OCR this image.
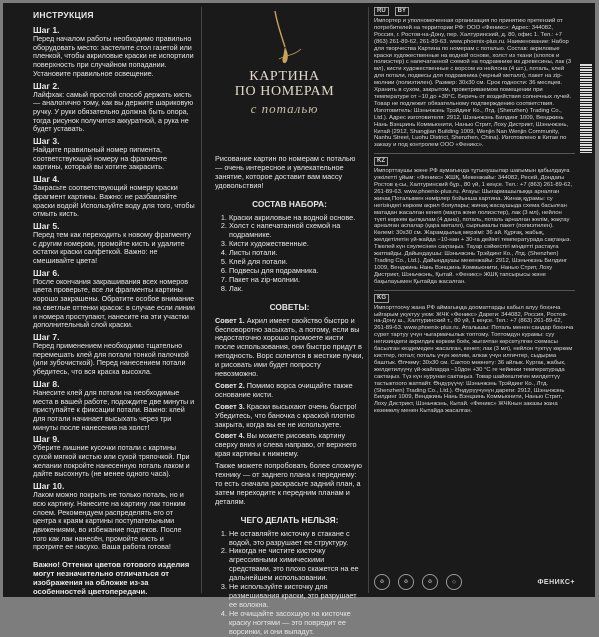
ИНСТРУКЦИЯ
Шаг 1.

Перед началом работы необходимо правильно оборудовать место: застелите стол газетой или пленкой, чтобы акриловые краски не испортили поверхность при случайном попадании. Установите правильное освещение.

Шаг 2.

Лайфхак: самый простой способ держать кисть — аналогично тому, как вы держите шариковую ручку. У руки обязательно должна быть опора, тогда рисунок получится аккуратной, а рука не будет уставать.

Шаг 3.

Найдите правильный номер пигмента, соответствующий номеру на фрагменте картины, который вы хотите закрасить.

Шаг 4.

Закрасьте соответствующий номеру краски фрагмент картины. Важно: не разбавляйте краски водой! Используйте воду для того, чтобы отмыть кисть.

Шаг 5.

Перед тем как переходить к новому фрагменту с другим номером, промойте кисть и удалите остатки краски салфеткой. Важно: не смешивайте цвета!

Шаг 6.

После окончания закрашивания всех номеров цвета проверьте, все ли фрагменты картины хорошо закрашены. Обратите особое внимание на светлые оттенки красок: в случае если линии и номера проступают, нанесите на эти участки дополнительный слой краски.

Шаг 7.

Перед применением необходимо тщательно перемешать клей для потали тонкой палочкой (или зубочисткой). Перед нанесением потали убедитесь, что вся краска высохла.

Шаг 8.

Нанесите клей для потали на необходимые места в вашей работе, подождите две минуты и приступайте к фиксации потали. Важно: клей для потали начинает высыхать через три минуты после нанесения на холст!

Шаг 9.

Уберите лишние кусочки потали с картины сухой мягкой кистью или сухой тряпочкой. При желании покройте нанесенную поталь лаком и дайте высохнуть (не менее одного часа).

Шаг 10.

Лаком можно покрыть не только поталь, но и всю картину. Нанесите на картину лак тонким слоем. Рекомендуем распределять его от центра к краям картины поступательными движениями, во избежание подтеков. После того как лак нанесён, промойте кисть и протрите ее насухо. Ваша работа готова!

Важно! Оттенки цветов готового изделия могут незначительно отличаться от изображения на обложке из-за особенностей цветопередачи.
КАРТИНА
ПО НОМЕРАМ
с поталью

Рисование картин по номерам с поталью — очень интересное и увлекательное занятие, которое доставит вам массу удовольствия!

СОСТАВ НАБОРА:
1. Краски акриловые на водной основе.
2. Холст с напечатанной схемой на подрамнике.
3. Кисти художественные.
4. Листы потали.
5. Клей для потали.
6. Подвесы для подрамника.
7. Пакет на zip-молнии.
8. Лак.
СОВЕТЫ:

Совет 1. Акрил имеет свойство быстро и бесповоротно засыхать, а потому, если вы недостаточно хорошо промоете кисти после использования, они быстро придут в негодность. Ворс склеится в жесткие пучки, и рисовать ими будет попросту невозможно.

Совет 2. Помимо ворса очищайте также основание кисти.

Совет 3. Краски высыхают очень быстро! Убедитесь, что баночка с краской плотно закрыта, когда вы ее не используете.

Совет 4. Вы можете рисовать картину сверху вниз и слева направо, от верхнего края картины к нижнему.

Также можете попробовать более сложную технику — от заднего плана к переднему: то есть сначала раскрасьте задний план, а затем переходите к передним планам и деталям.

ЧЕГО ДЕЛАТЬ НЕЛЬЗЯ:
1. Не оставляйте кисточку в стакане с водой, это разрушает ее структуру.
2. Никогда не чистите кисточку агрессивными химическими средствами, это плохо скажется на ее дальнейшем использовании.
3. Не используйте кисточку для размешивания краски, это разрушает ее волокна.
4. Не очищайте засохшую на кисточке краску ногтями — это повредит ее ворсинки, и они выпадут.
RU	BY

Импортер и уполномоченная организация по принятию претензий от потребителей на территории РФ: ООО «Феникс»: Адрес: 344082, Россия, г. Ростов-на-Дону, пер. Халтуринский, д. 80, офис 1. Тел.: +7 (863) 261-89-62, 261-89-63. www.phoenix-plus.ru. Наименование: Набор для творчества Картина по номерам с поталью. Состав: акриловые краски художественные на водной основе, холст из ткани (хлопок и полиэстер) с напечатанной схемой на подрамнике из древесины, лак (3 мл), кисти художественные с ворсом из нейлона (4 шт.), поталь, клей для потали, подвесы для подрамника (черный металл), пакет на zip-молнии (полиэтилен). Размер: 30х30 см. Срок годности: 36 месяцев. Хранить в сухом, закрытом, проветриваемом помещении при температуре от −10 до +30°C. Беречь от воздействия солнечных лучей. Товар не подлежит обязательному подтверждению соответствия. Изготовитель: Шэньчжэнь Трэйдинг Ко., Лтд. (Shenzhen) Trading Co., Ltd.). Адрес изготовителя: 2912, Шэньчжэнь Билдинг 1009, Венджинь Нань Вэнцзинь Коммьюнити, Нанью Стрит, Лоху Дистрикт, Шэньчжэнь, Китай (2912, Shangjian Building 1009, Wenjin Nan Wenjin Community, Nanhu Street, Luohu District, Shenzhen, China). Изготовлено в Китае по заказу и под контролем ООО «Феникс».

KZ

Импорттаушы және РФ аумағында тұтынушылар шағымын қабылдауға уәкілетті ұйым: «Феникс» ЖШҚ, Мекенжайы: 344082, Ресей, Дондағы Ростов қ-сы, Халтуринский бұр., 80 үй, 1 кеңсе. Тел.: +7 (863) 261-89-62, 261-89-63. www.phoenix-plus.ru. Атауы: Шығармашылыққа арналған жинақ Поталымен нөмірлер бойынша картина. Жинақ құрамы: су негізіндегі көркем акрил бояулары; жинақ жасаушыда схема басылған матадан жасалған кенеп (мақта және полиэстер), лак (3 мл), нейлон түкті көркем қылқалам (4 дана), поталь, поталь арналған желім, жақтау арналған аспалар (қара металл), сырғымалы пакет (полиэтилен). Көлемі: 30х30 см. Жарамдылық мерзімі: 36 ай. Құрғақ, жабық, желдетілетін үй-жайда −10-нан + 30-ға дейінгі температурада сақтаңыз. Тікелей күн сәулесінен сақтаңыз. Тауар сәйкестігі міндетті растауға жатпайды. Дайындаушы: Шэньчжэнь Трэйдинг Ко., Лтд. (Shenzhen) Trading Co., Ltd.). Дайындаушы мекенжайы: 2912, Шэньчжэнь Билдинг 1009, Венджинь Нань Вэнцзинь Коммьюнити, Нанью Стрит, Лоху Дистрикт, Шэньчжэнь, Қытай. «Феникс» ЖШҚ тапсырысы және бақылауымен Қытайда жасалған.

KG

Импорттоочу жана РФ аймагында дооматтарды кабыл алуу боюнча ыйгарым укуктуу уюм: ЖЧК «Феникс» Дареги: 344082, Россия, Ростов-на-Дону ш., Халтуринский т., 80 үй, 1 кеңсе. Тел.: +7 (863) 261-89-62, 261-89-63. www.phoenix-plus.ru. Аталышы: Поталь менен сандар боюнча сүрөт тартуу үчүн чыгармачылык топтому. Топтомдун курамы: суу негизиндеги акрилдик көркөм боёк, жыгачтан көрсөтүлгөн схемасы басылган кездемеден жасалган, кенеп; лак (3 мл), нейлон түктүү көркөм кисттер, потал; поталь үчүн желим, алкак үчүн илгичтер, сыдырма баштык. Өлчөмү: 30х30 см. Сактоо мөөнөтү: 36 айлык. Кургак, жабык, желдетилүүчү үй-жайларда −10дон +30 °C ге чейинки температурада сактаңыз. Түз күн нурунан сактаңыз. Товар шайкештигин милдеттүү тастыктоого жатпайт. Өндүрүүчү: Шэньчжэнь Трэйдинг Ко., Лтд. (Shenzhen) Trading Co., Ltd.). Өндүрүүчүнүн дареги: 2912, Шэньчжэнь Билдинг 1009, Венджинь Нань Вэнцзинь Коммьюнити, Нанью Стрит, Лоху Дистрикт, Шэньчжэнь, Кытай. «Феникс» ЖЧКнын заказы жана көзөмөлү менен Кытайда жасалган.

♻	♻	♻	◇	ФЕНИКС+
